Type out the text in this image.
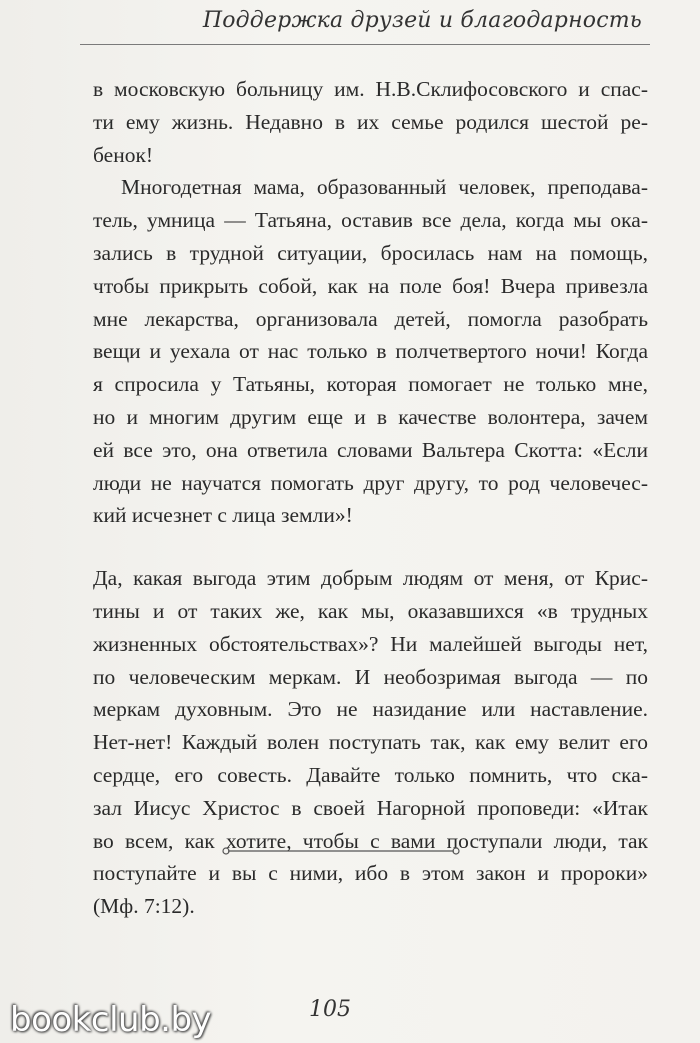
Поддержка друзей и благодарность
в московскую больницу им. Н.В.Склифосовского и спас-
ти ему жизнь. Недавно в их семье родился шестой ре-
бенок!
Многодетная мама, образованный человек, преподава-
тель, умница — Татьяна, оставив все дела, когда мы ока-
зались в трудной ситуации, бросилась нам на помощь,
чтобы прикрыть собой, как на поле боя! Вчера привезла
мне лекарства, организовала детей, помогла разобрать
вещи и уехала от нас только в полчетвертого ночи! Когда
я спросила у Татьяны, которая помогает не только мне,
но и многим другим еще и в качестве волонтера, зачем
ей все это, она ответила словами Вальтера Скотта: «Если
люди не научатся помогать друг другу, то род человечес-
кий исчезнет с лица земли»!
Да, какая выгода этим добрым людям от меня, от Крис-
тины и от таких же, как мы, оказавшихся «в трудных
жизненных обстоятельствах»? Ни малейшей выгоды нет,
по человеческим меркам. И необозримая выгода — по
меркам духовным. Это не назидание или наставление.
Нет-нет! Каждый волен поступать так, как ему велит его
сердце, его совесть. Давайте только помнить, что ска-
зал Иисус Христос в своей Нагорной проповеди: «Итак
во всем, как хотите, чтобы с вами поступали люди, так
поступайте и вы с ними, ибо в этом закон и пророки»
(Мф. 7:12).
105
bookclub.by
